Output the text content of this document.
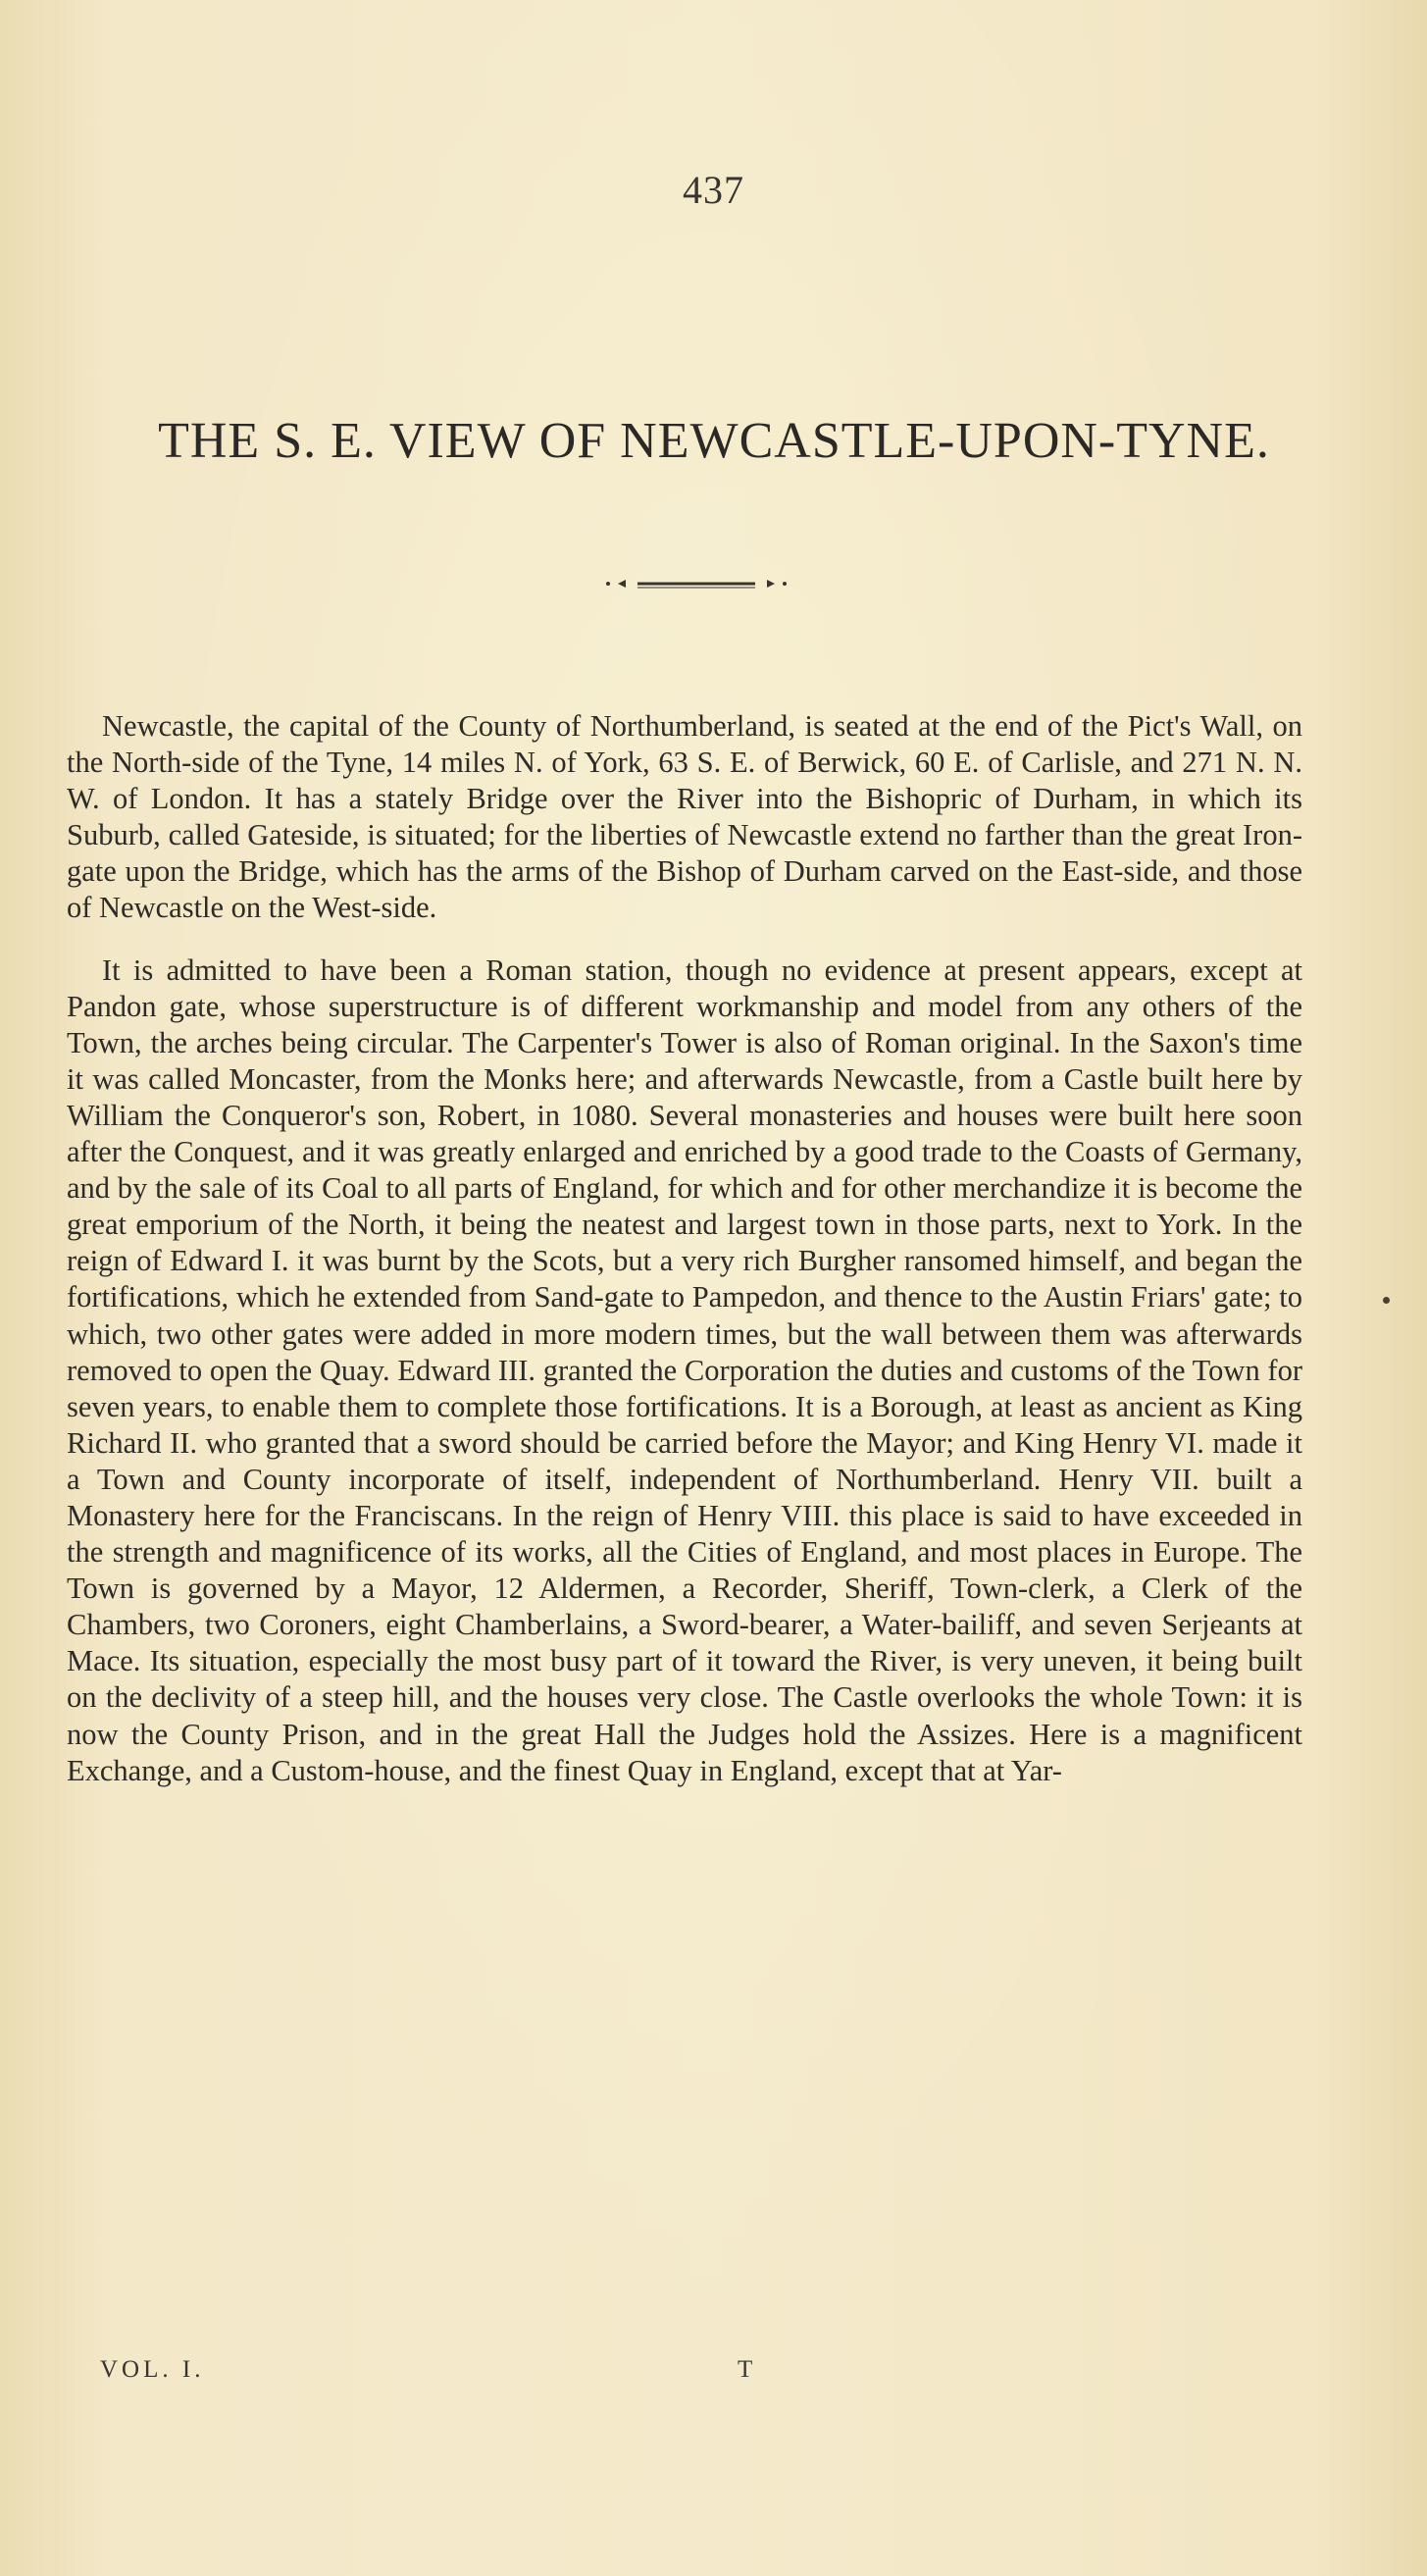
437
THE S. E. VIEW OF NEWCASTLE-UPON-TYNE.

Newcastle, the capital of the County of Northumberland, is seated at the end of the Pict's Wall, on the North-side of the Tyne, 14 miles N. of York, 63 S. E. of Berwick, 60 E. of Carlisle, and 271 N. N. W. of London. It has a stately Bridge over the River into the Bishopric of Durham, in which its Suburb, called Gateside, is situated; for the liberties of Newcastle extend no farther than the great Iron-gate upon the Bridge, which has the arms of the Bishop of Durham carved on the East-side, and those of Newcastle on the West-side.

It is admitted to have been a Roman station, though no evidence at present appears, except at Pandon gate, whose superstructure is of different workmanship and model from any others of the Town, the arches being circular. The Carpenter's Tower is also of Roman original. In the Saxon's time it was called Moncaster, from the Monks here; and afterwards Newcastle, from a Castle built here by William the Conqueror's son, Robert, in 1080. Several monasteries and houses were built here soon after the Conquest, and it was greatly enlarged and enriched by a good trade to the Coasts of Germany, and by the sale of its Coal to all parts of England, for which and for other merchandize it is become the great emporium of the North, it being the neatest and largest town in those parts, next to York. In the reign of Edward I. it was burnt by the Scots, but a very rich Burgher ransomed himself, and began the fortifications, which he extended from Sand-gate to Pampedon, and thence to the Austin Friars' gate; to which, two other gates were added in more modern times, but the wall between them was afterwards removed to open the Quay. Edward III. granted the Corporation the duties and customs of the Town for seven years, to enable them to complete those fortifications. It is a Borough, at least as ancient as King Richard II. who granted that a sword should be carried before the Mayor; and King Henry VI. made it a Town and County incorporate of itself, independent of Northumberland. Henry VII. built a Monastery here for the Franciscans. In the reign of Henry VIII. this place is said to have exceeded in the strength and magnificence of its works, all the Cities of England, and most places in Europe. The Town is governed by a Mayor, 12 Aldermen, a Recorder, Sheriff, Town-clerk, a Clerk of the Chambers, two Coroners, eight Chamberlains, a Sword-bearer, a Water-bailiff, and seven Serjeants at Mace. Its situation, especially the most busy part of it toward the River, is very uneven, it being built on the declivity of a steep hill, and the houses very close. The Castle overlooks the whole Town: it is now the County Prison, and in the great Hall the Judges hold the Assizes. Here is a magnificent Exchange, and a Custom-house, and the finest Quay in England, except that at Yar-

VOL. I.	T
